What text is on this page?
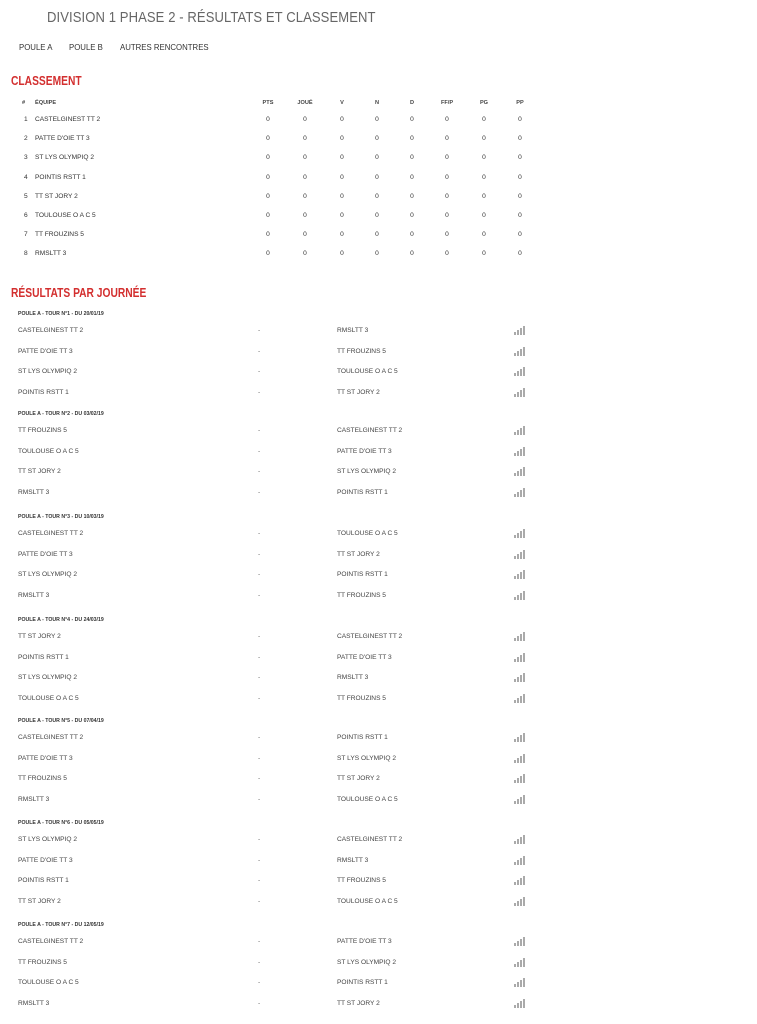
DIVISION 1 PHASE 2 - RÉSULTATS ET CLASSEMENT
POULE A POULE B AUTRES RENCONTRES
CLASSEMENT
# ÉQUIPE	PTS	JOUÉ	V	N	D	FF/P	PG	PP
1 CASTELGINEST TT 2	0	0	0	0	0	0	0	0
2 PATTE D'OIE TT 3	0	0	0	0	0	0	0	0
3 ST LYS OLYMPIQ 2	0	0	0	0	0	0	0	0
4 POINTIS RSTT 1	0	0	0	0	0	0	0	0
5 TT ST JORY 2	0	0	0	0	0	0	0	0
6 TOULOUSE O A C 5	0	0	0	0	0	0	0	0
7 TT FROUZINS 5	0	0	0	0	0	0	0	0
8 RMSLTT 3	0	0	0	0	0	0	0	0
RÉSULTATS PAR JOURNÉE
POULE A - TOUR N°1 - DU 20/01/19
CASTELGINEST TT 2	-	RMSLTT 3
PATTE D'OIE TT 3	-	TT FROUZINS 5
ST LYS OLYMPIQ 2	-	TOULOUSE O A C 5
POINTIS RSTT 1	-	TT ST JORY 2
POULE A - TOUR N°2 - DU 03/02/19
TT FROUZINS 5	-	CASTELGINEST TT 2
TOULOUSE O A C 5	-	PATTE D'OIE TT 3
TT ST JORY 2	-	ST LYS OLYMPIQ 2
RMSLTT 3	-	POINTIS RSTT 1
POULE A - TOUR N°3 - DU 10/03/19
CASTELGINEST TT 2	-	TOULOUSE O A C 5
PATTE D'OIE TT 3	-	TT ST JORY 2
ST LYS OLYMPIQ 2	-	POINTIS RSTT 1
RMSLTT 3	-	TT FROUZINS 5
POULE A - TOUR N°4 - DU 24/03/19
TT ST JORY 2	-	CASTELGINEST TT 2
POINTIS RSTT 1	-	PATTE D'OIE TT 3
ST LYS OLYMPIQ 2	-	RMSLTT 3
TOULOUSE O A C 5	-	TT FROUZINS 5
POULE A - TOUR N°5 - DU 07/04/19
CASTELGINEST TT 2	-	POINTIS RSTT 1
PATTE D'OIE TT 3	-	ST LYS OLYMPIQ 2
TT FROUZINS 5	-	TT ST JORY 2
RMSLTT 3	-	TOULOUSE O A C 5
POULE A - TOUR N°6 - DU 05/05/19
ST LYS OLYMPIQ 2	-	CASTELGINEST TT 2
PATTE D'OIE TT 3	-	RMSLTT 3
POINTIS RSTT 1	-	TT FROUZINS 5
TT ST JORY 2	-	TOULOUSE O A C 5
POULE A - TOUR N°7 - DU 12/05/19
CASTELGINEST TT 2	-	PATTE D'OIE TT 3
TT FROUZINS 5	-	ST LYS OLYMPIQ 2
TOULOUSE O A C 5	-	POINTIS RSTT 1
RMSLTT 3	-	TT ST JORY 2
